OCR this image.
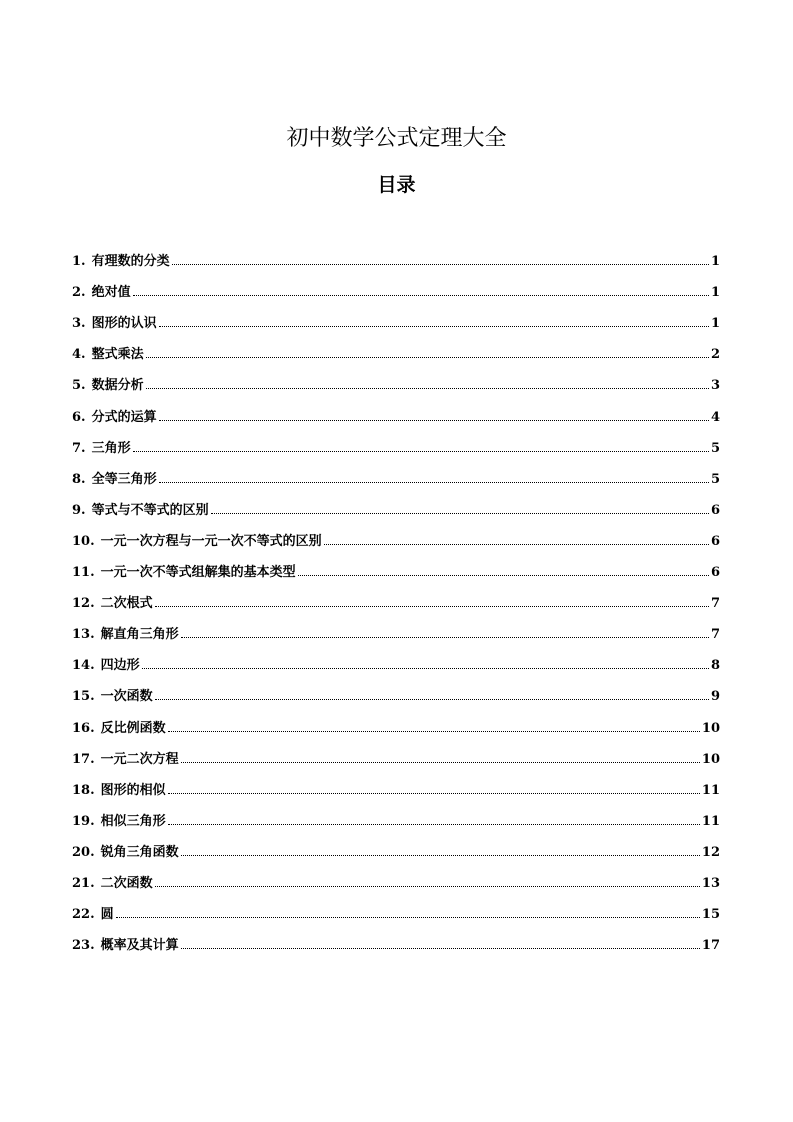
初中数学公式定理大全
目录
1. 有理数的分类	1
2. 绝对值	1
3. 图形的认识	1
4. 整式乘法	2
5. 数据分析	3
6. 分式的运算	4
7. 三角形	5
8. 全等三角形	5
9. 等式与不等式的区别	6
10. 一元一次方程与一元一次不等式的区别	6
11. 一元一次不等式组解集的基本类型	6
12. 二次根式	7
13. 解直角三角形	7
14. 四边形	8
15. 一次函数	9
16. 反比例函数	10
17. 一元二次方程	10
18. 图形的相似	11
19. 相似三角形	11
20. 锐角三角函数	12
21. 二次函数	13
22. 圆	15
23. 概率及其计算	17
